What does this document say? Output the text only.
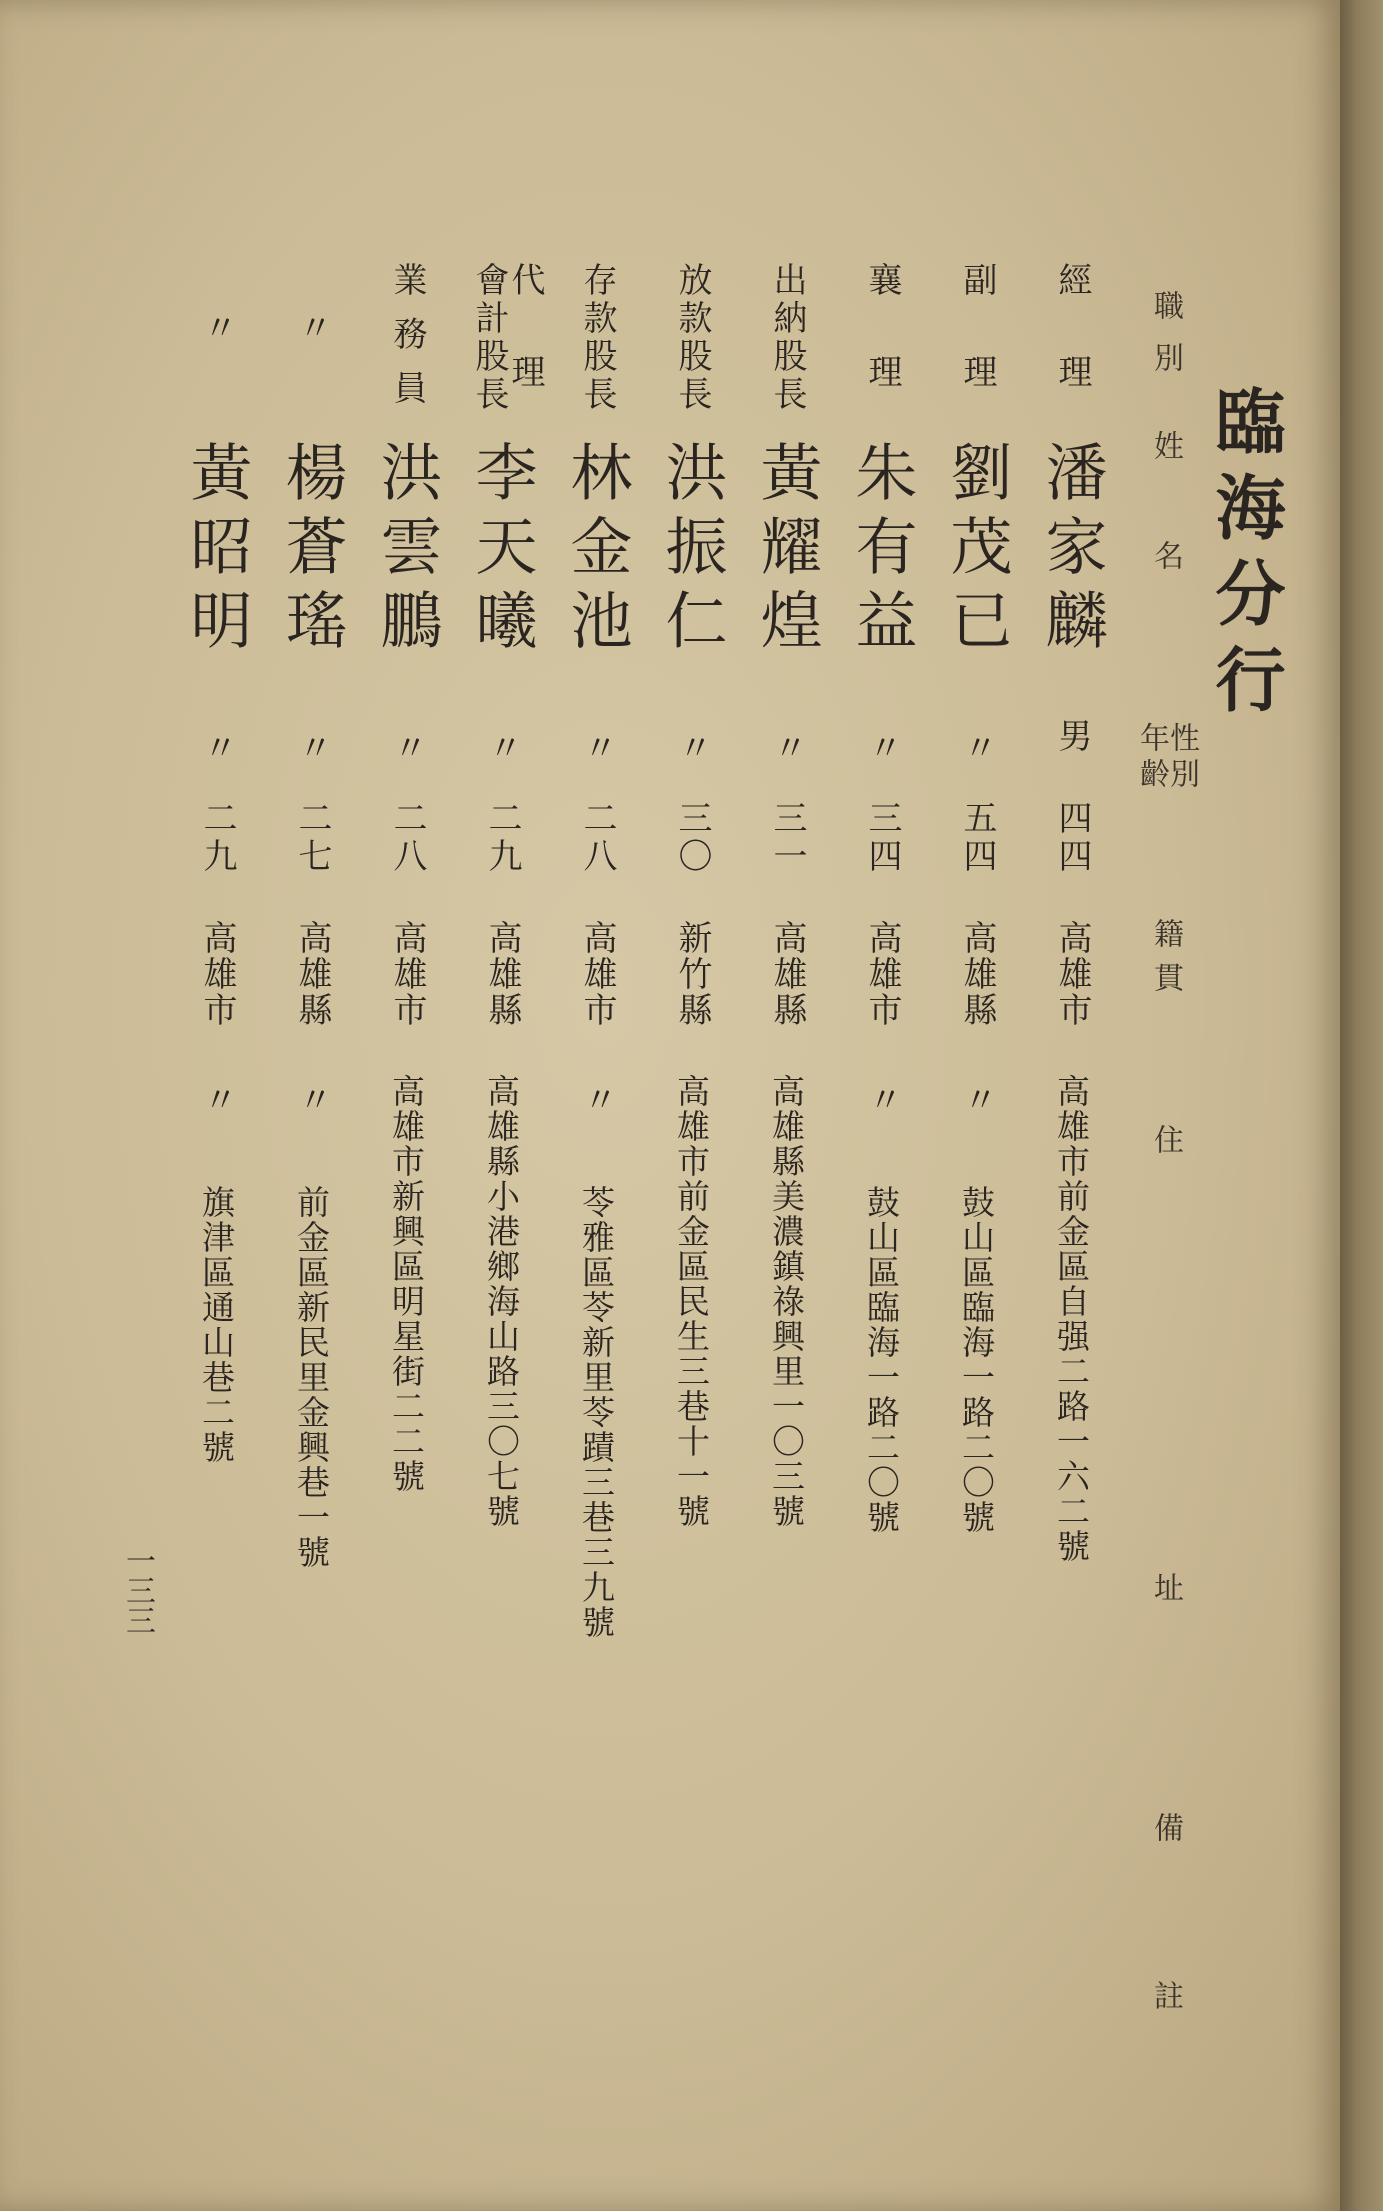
臨海分行
職別
姓名
性別
年齡
籍貫
住
址
備
註
經理
潘家麟
男
四四
高雄市
高雄市前金區自强二路一六二號
副理
劉茂已
〃
五四
高雄縣
〃
鼓山區臨海一路二〇號
襄理
朱有益
〃
三四
高雄市
〃
鼓山區臨海一路二〇號
出納股長
黃耀煌
〃
三一
高雄縣
高雄縣美濃鎮祿興里一〇三號
放款股長
洪振仁
〃
三〇
新竹縣
高雄市前金區民生三巷十一號
存款股長
林金池
〃
二八
高雄市
〃
苓雅區苓新里苓蹟三巷三九號
代理
會計股長
李天曦
〃
二九
高雄縣
高雄縣小港鄉海山路三〇七號
業務員
洪雲鵬
〃
二八
高雄市
高雄市新興區明星街二二號
〃
楊蒼瑤
〃
二七
高雄縣
〃
前金區新民里金興巷一號
〃
黃昭明
〃
二九
高雄市
〃
旗津區通山巷二號
一三三
